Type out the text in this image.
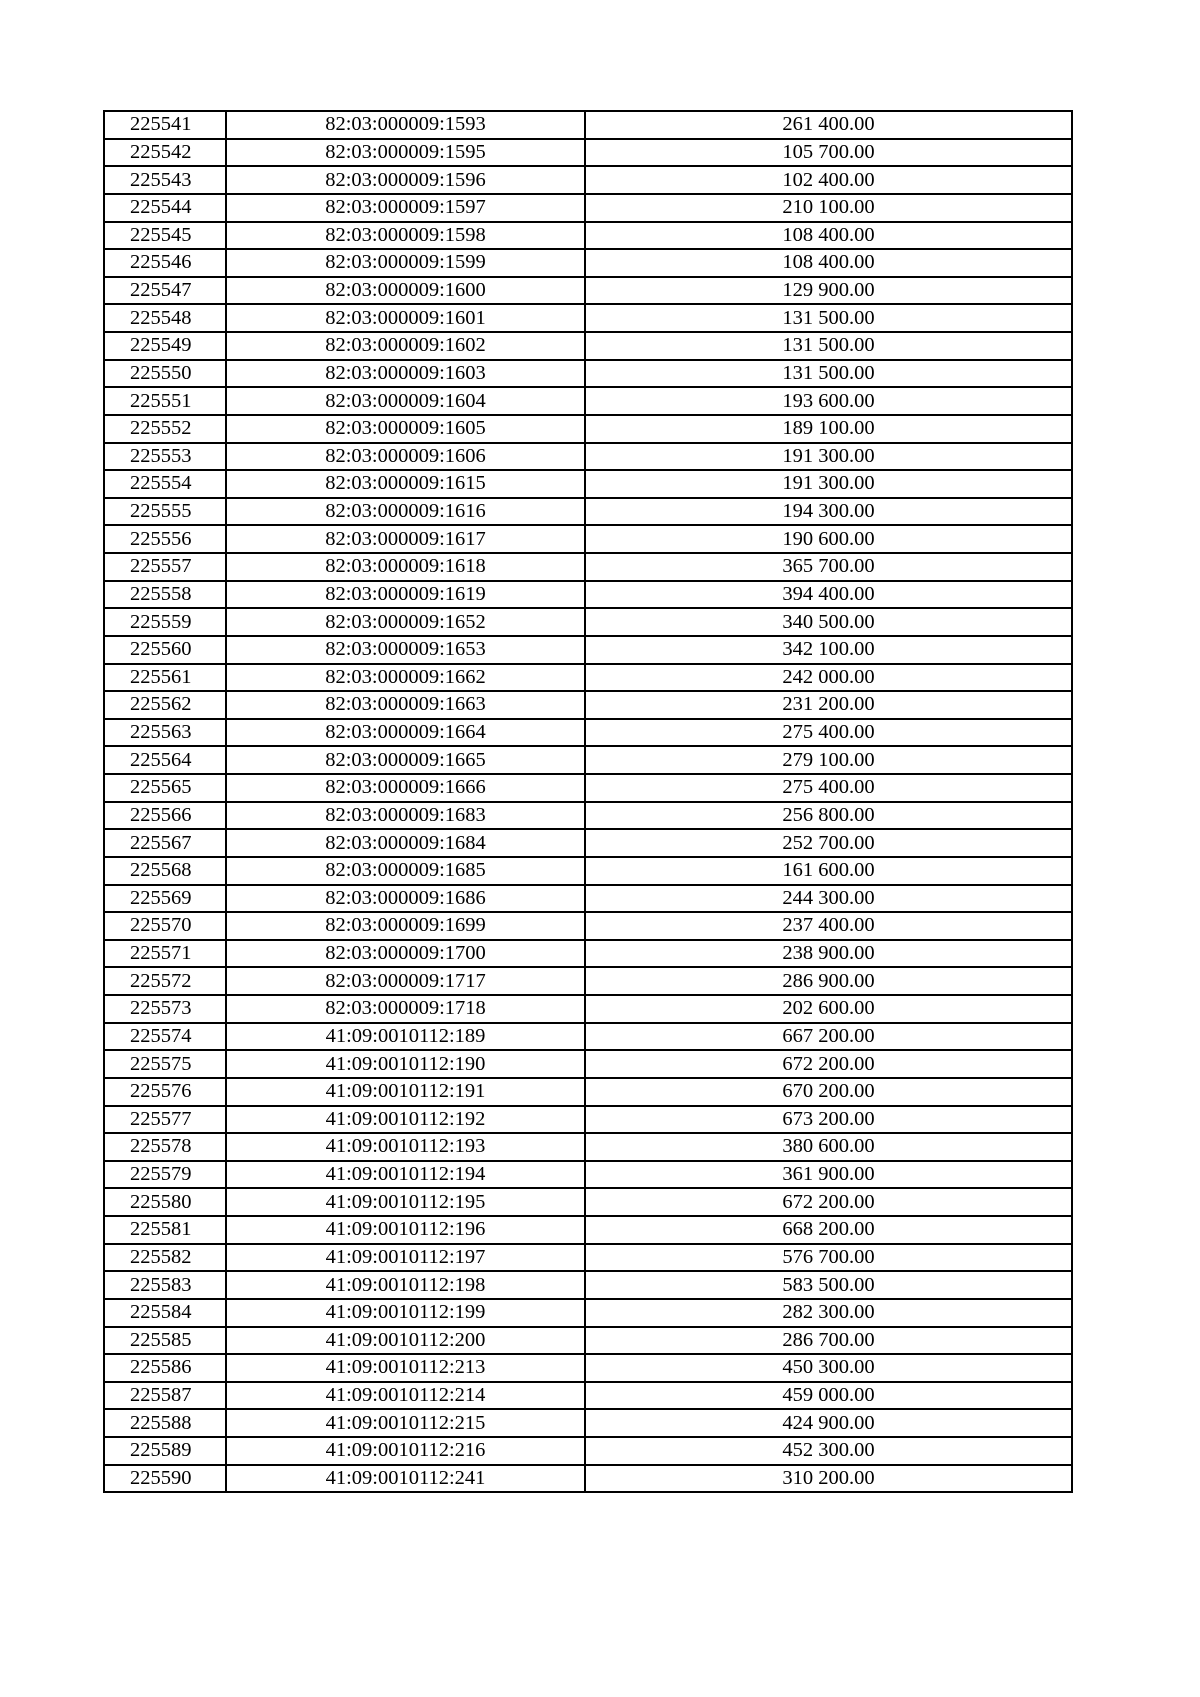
225541	82:03:000009:1593	261 400.00
225542	82:03:000009:1595	105 700.00
225543	82:03:000009:1596	102 400.00
225544	82:03:000009:1597	210 100.00
225545	82:03:000009:1598	108 400.00
225546	82:03:000009:1599	108 400.00
225547	82:03:000009:1600	129 900.00
225548	82:03:000009:1601	131 500.00
225549	82:03:000009:1602	131 500.00
225550	82:03:000009:1603	131 500.00
225551	82:03:000009:1604	193 600.00
225552	82:03:000009:1605	189 100.00
225553	82:03:000009:1606	191 300.00
225554	82:03:000009:1615	191 300.00
225555	82:03:000009:1616	194 300.00
225556	82:03:000009:1617	190 600.00
225557	82:03:000009:1618	365 700.00
225558	82:03:000009:1619	394 400.00
225559	82:03:000009:1652	340 500.00
225560	82:03:000009:1653	342 100.00
225561	82:03:000009:1662	242 000.00
225562	82:03:000009:1663	231 200.00
225563	82:03:000009:1664	275 400.00
225564	82:03:000009:1665	279 100.00
225565	82:03:000009:1666	275 400.00
225566	82:03:000009:1683	256 800.00
225567	82:03:000009:1684	252 700.00
225568	82:03:000009:1685	161 600.00
225569	82:03:000009:1686	244 300.00
225570	82:03:000009:1699	237 400.00
225571	82:03:000009:1700	238 900.00
225572	82:03:000009:1717	286 900.00
225573	82:03:000009:1718	202 600.00
225574	41:09:0010112:189	667 200.00
225575	41:09:0010112:190	672 200.00
225576	41:09:0010112:191	670 200.00
225577	41:09:0010112:192	673 200.00
225578	41:09:0010112:193	380 600.00
225579	41:09:0010112:194	361 900.00
225580	41:09:0010112:195	672 200.00
225581	41:09:0010112:196	668 200.00
225582	41:09:0010112:197	576 700.00
225583	41:09:0010112:198	583 500.00
225584	41:09:0010112:199	282 300.00
225585	41:09:0010112:200	286 700.00
225586	41:09:0010112:213	450 300.00
225587	41:09:0010112:214	459 000.00
225588	41:09:0010112:215	424 900.00
225589	41:09:0010112:216	452 300.00
225590	41:09:0010112:241	310 200.00
